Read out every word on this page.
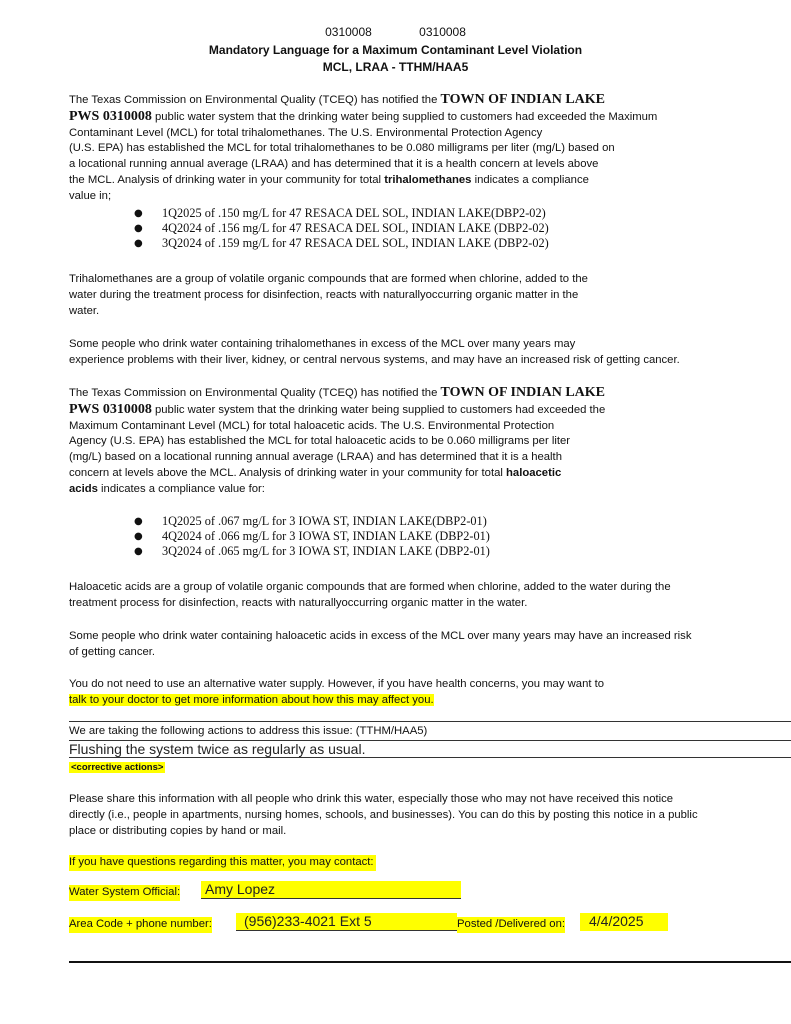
0310008	0310008
Mandatory Language for a Maximum Contaminant Level Violation
MCL, LRAA - TTHM/HAA5
The Texas Commission on Environmental Quality (TCEQ) has notified the TOWN OF INDIAN LAKE
PWS 0310008 public water system that the drinking water being supplied to customers had exceeded the Maximum
Contaminant Level (MCL) for total trihalomethanes. The U.S. Environmental Protection Agency
(U.S. EPA) has established the MCL for total trihalomethanes to be 0.080 milligrams per liter (mg/L) based on
a locational running annual average (LRAA) and has determined that it is a health concern at levels above
the MCL. Analysis of drinking water in your community for total trihalomethanes indicates a compliance
value in;
● 1Q2025 of .150 mg/L for 47 RESACA DEL SOL, INDIAN LAKE(DBP2-02)
● 4Q2024 of .156 mg/L for 47 RESACA DEL SOL, INDIAN LAKE (DBP2-02)
● 3Q2024 of .159 mg/L for 47 RESACA DEL SOL, INDIAN LAKE (DBP2-02)
Trihalomethanes are a group of volatile organic compounds that are formed when chlorine, added to the
water during the treatment process for disinfection, reacts with naturallyoccurring organic matter in the
water.
Some people who drink water containing trihalomethanes in excess of the MCL over many years may
experience problems with their liver, kidney, or central nervous systems, and may have an increased risk of getting cancer.
The Texas Commission on Environmental Quality (TCEQ) has notified the TOWN OF INDIAN LAKE
PWS 0310008 public water system that the drinking water being supplied to customers had exceeded the
Maximum Contaminant Level (MCL) for total haloacetic acids. The U.S. Environmental Protection
Agency (U.S. EPA) has established the MCL for total haloacetic acids to be 0.060 milligrams per liter
(mg/L) based on a locational running annual average (LRAA) and has determined that it is a health
concern at levels above the MCL. Analysis of drinking water in your community for total haloacetic
acids indicates a compliance value for:
● 1Q2025 of .067 mg/L for 3 IOWA ST, INDIAN LAKE(DBP2-01)
● 4Q2024 of .066 mg/L for 3 IOWA ST, INDIAN LAKE (DBP2-01)
● 3Q2024 of .065 mg/L for 3 IOWA ST, INDIAN LAKE (DBP2-01)
Haloacetic acids are a group of volatile organic compounds that are formed when chlorine, added to the water during the
treatment process for disinfection, reacts with naturallyoccurring organic matter in the water.
Some people who drink water containing haloacetic acids in excess of the MCL over many years may have an increased risk
of getting cancer.
You do not need to use an alternative water supply. However, if you have health concerns, you may want to
talk to your doctor to get more information about how this may affect you.
We are taking the following actions to address this issue: (TTHM/HAA5)
Flushing the system twice as regularly as usual.
<corrective actions>
Please share this information with all people who drink this water, especially those who may not have received this notice
directly (i.e., people in apartments, nursing homes, schools, and businesses). You can do this by posting this notice in a public
place or distributing copies by hand or mail.
If you have questions regarding this matter, you may contact:
Water System Official: Amy Lopez
Area Code + phone number:	(956)233-4021 Ext 5	Posted /Delivered on:	4/4/2025
